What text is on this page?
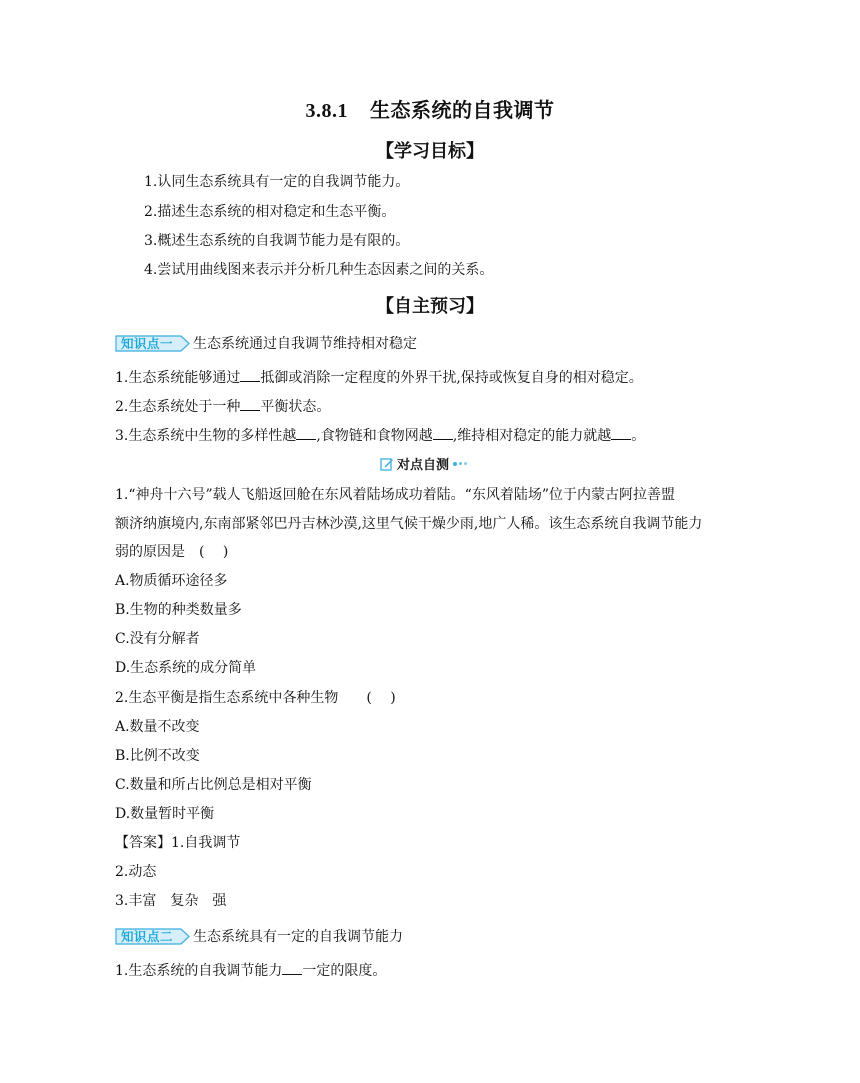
3.8.1 生态系统的自我调节
【学习目标】
1.认同生态系统具有一定的自我调节能力。
2.描述生态系统的相对稳定和生态平衡。
3.概述生态系统的自我调节能力是有限的。
4.尝试用曲线图来表示并分析几种生态因素之间的关系。
【自主预习】
知识点一 生态系统通过自我调节维持相对稳定
1.生态系统能够通过 抵御或消除一定程度的外界干扰,保持或恢复自身的相对稳定。
2.生态系统处于一种 平衡状态。
3.生态系统中生物的多样性越 ,食物链和食物网越 ,维持相对稳定的能力就越 。
对点自测
1.“神舟十六号”载人飞船返回舱在东风着陆场成功着陆。“东风着陆场”位于内蒙古阿拉善盟
额济纳旗境内,东南部紧邻巴丹吉林沙漠,这里气候干燥少雨,地广人稀。该生态系统自我调节能力
弱的原因是　(　 )
A.物质循环途径多
B.生物的种类数量多
C.没有分解者
D.生态系统的成分简单
2.生态平衡是指生态系统中各种生物　　(　 )
A.数量不改变
B.比例不改变
C.数量和所占比例总是相对平衡
D.数量暂时平衡
【答案】1.自我调节
2.动态
3.丰富　复杂　强
知识点二 生态系统具有一定的自我调节能力
1.生态系统的自我调节能力 一定的限度。
